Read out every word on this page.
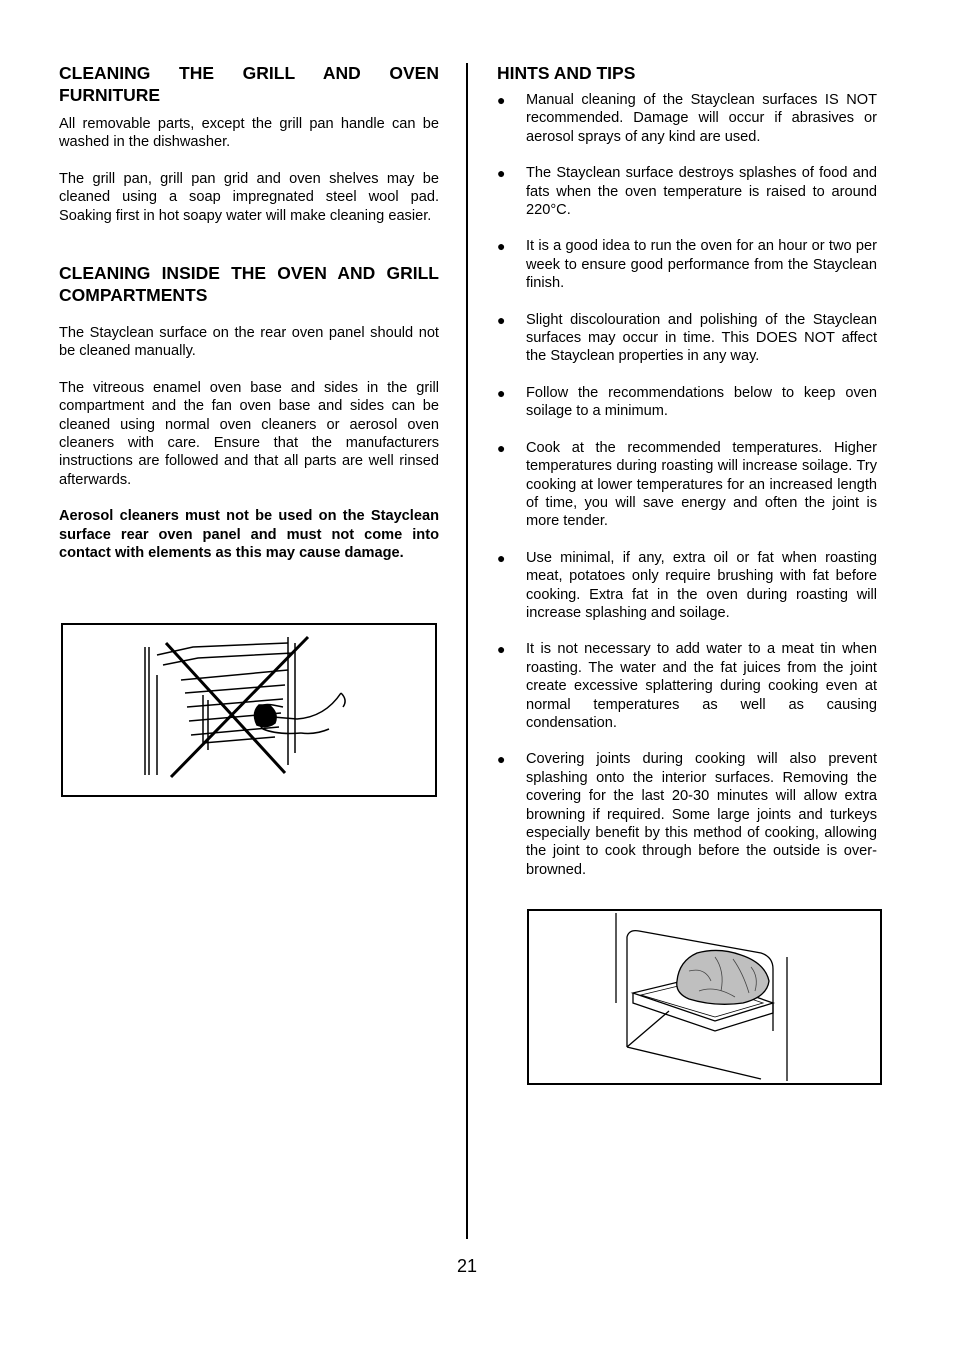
CLEANING THE GRILL AND OVEN FURNITURE

All removable parts, except the grill pan handle can be washed in the dishwasher.

The grill pan, grill pan grid and oven shelves may be cleaned using a soap impregnated steel wool pad. Soaking first in hot soapy water will make cleaning easier.

CLEANING INSIDE THE OVEN AND GRILL COMPARTMENTS

The Stayclean surface on the rear oven panel should not be cleaned manually.

The vitreous enamel oven base and sides in the grill compartment and the fan oven base and sides can be cleaned using normal oven cleaners or aerosol oven cleaners with care. Ensure that the manufacturers instructions are followed and that all parts are well rinsed afterwards.

Aerosol cleaners must not be used on the Stayclean surface rear oven panel and must not come into contact with elements as this may cause damage.

HINTS AND TIPS
● Manual cleaning of the Stayclean surfaces IS NOT recommended. Damage will occur if abrasives or aerosol sprays of any kind are used.
● The Stayclean surface destroys splashes of food and fats when the oven temperature is raised to around 220°C.
● It is a good idea to run the oven for an hour or two per week to ensure good performance from the Stayclean finish.
● Slight discolouration and polishing of the Stayclean surfaces may occur in time. This DOES NOT affect the Stayclean properties in any way.
● Follow the recommendations below to keep oven soilage to a minimum.
● Cook at the recommended temperatures. Higher temperatures during roasting will increase soilage. Try cooking at lower temperatures for an increased length of time, you will save energy and often the joint is more tender.
● Use minimal, if any, extra oil or fat when roasting meat, potatoes only require brushing with fat before cooking. Extra fat in the oven during roasting will increase splashing and soilage.
● It is not necessary to add water to a meat tin when roasting. The water and the fat juices from the joint create excessive splattering during cooking even at normal temperatures as well as causing condensation.
● Covering joints during cooking will also prevent splashing onto the interior surfaces. Removing the covering for the last 20-30 minutes will allow extra browning if required. Some large joints and turkeys especially benefit by this method of cooking, allowing the joint to cook through before the outside is over-browned.
21
